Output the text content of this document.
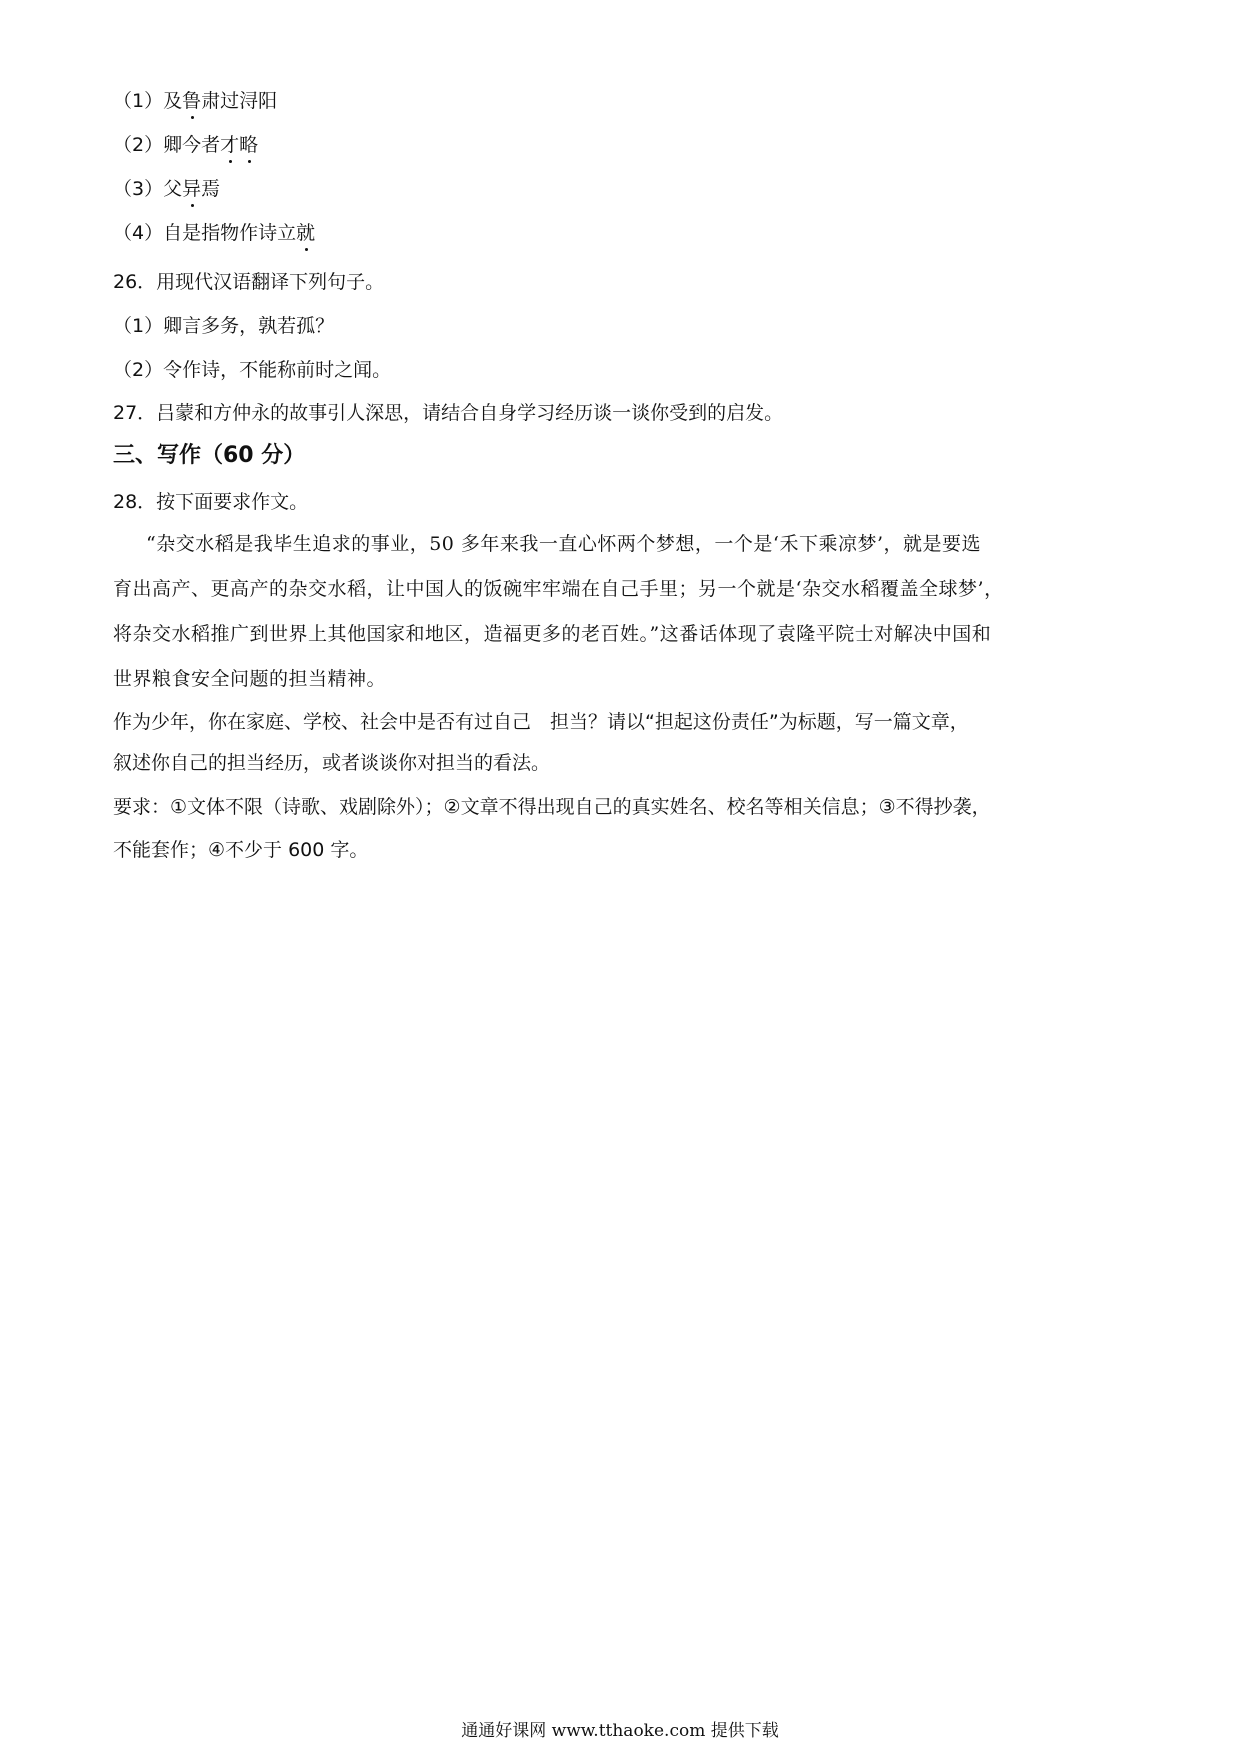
（1）及鲁肃
过浔阳
（2）卿今者才
略
（3）父异
焉
（4）自是指物作诗立就
26．用现代汉语翻译下列句子。
（1）卿言多务，孰若孤？
（2）令作诗，不能称前时之闻。
27．吕蒙和方仲永的故事引人深思，请结合自身学习经历谈一谈你受到的启发。
三、写作（60 分）
28．按下面要求作文。
“杂交水稻是我毕生追求的事业，50 多年来我一直心怀两个梦想，一个是‘禾下乘凉梦’，就是要选
育出高产、更高产的杂交水稻，让中国人的饭碗牢牢端在自己手里；另一个就是‘杂交水稻覆盖全球梦’，
将杂交水稻推广到世界上其他国家和地区，造福更多的老百姓。”这番话体现了袁隆平院士对解决中国和
世界粮食安全问题的担当精神。
作为少年，你在家庭、学校、社会中是否有过自己　担当？请以“担起这份责任”为标题，写一篇文章，
叙述你自己的担当经历，或者谈谈你对担当的看法。
要求：①文体不限（诗歌、戏剧除外）；②文章不得出现自己的真实姓名、校名等相关信息；③不得抄袭，
不能套作；④不少于 600 字。
通通好课网 www.tthaoke.com 提供下载
